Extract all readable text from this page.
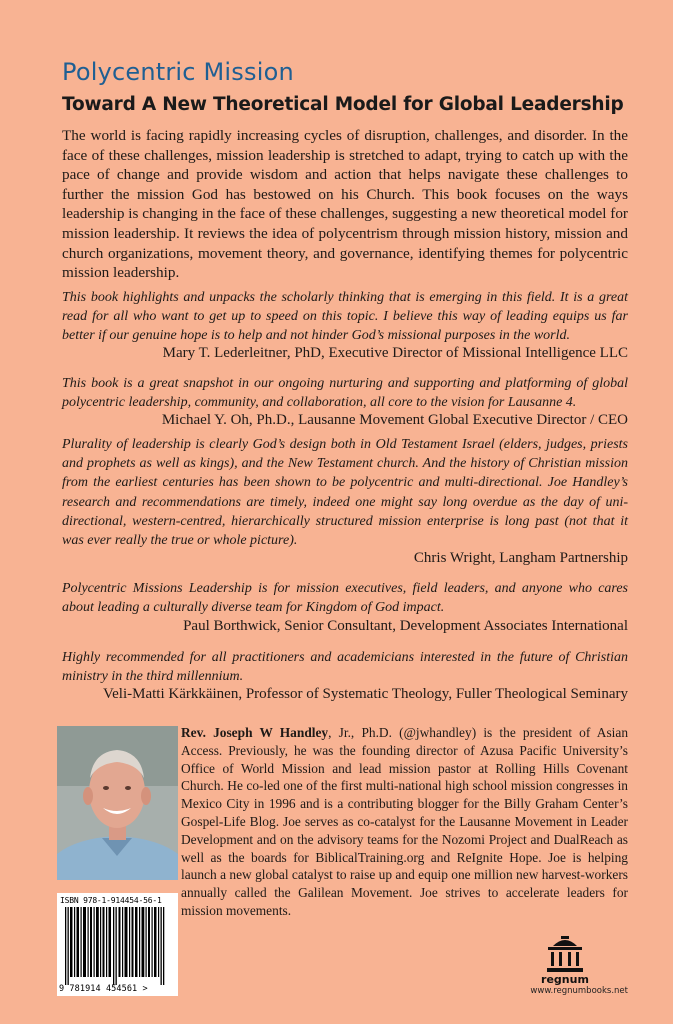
Polycentric Mission
Toward A New Theoretical Model for Global Leadership

The world is facing rapidly increasing cycles of disruption, challenges, and disorder. In the face of these challenges, mission leadership is stretched to adapt, trying to catch up with the pace of change and provide wisdom and action that helps navigate these challenges to further the mission God has bestowed on his Church. This book focuses on the ways leadership is changing in the face of these challenges, suggesting a new theoretical model for mission leadership. It reviews the idea of polycentrism through mission history, mission and church organizations, movement theory, and governance, identifying themes for polycentric mission leadership.

This book highlights and unpacks the scholarly thinking that is emerging in this field. It is a great read for all who want to get up to speed on this topic. I believe this way of leading equips us far better if our genuine hope is to help and not hinder God’s missional purposes in the world.

Mary T. Lederleitner, PhD, Executive Director of Missional Intelligence LLC

This book is a great snapshot in our ongoing nurturing and supporting and platforming of global polycentric leadership, community, and collaboration, all core to the vision for Lausanne 4.

Michael Y. Oh, Ph.D., Lausanne Movement Global Executive Director / CEO

Plurality of leadership is clearly God’s design both in Old Testament Israel (elders, judges, priests and prophets as well as kings), and the New Testament church. And the history of Christian mission from the earliest centuries has been shown to be polycentric and multi-directional. Joe Handley’s research and recommendations are timely, indeed one might say long overdue as the day of uni-directional, western-centred, hierarchically structured mission enterprise is long past (not that it was ever really the true or whole picture).

Chris Wright, Langham Partnership

Polycentric Missions Leadership is for mission executives, field leaders, and anyone who cares about leading a culturally diverse team for Kingdom of God impact.

Paul Borthwick, Senior Consultant, Development Associates International

Highly recommended for all practitioners and academicians interested in the future of Christian ministry in the third millennium.

Veli-Matti Kärkkäinen, Professor of Systematic Theology, Fuller Theological Seminary

Rev. Joseph W Handley, Jr., Ph.D. (@jwhandley) is the president of Asian Access. Previously, he was the founding director of Azusa Pacific University’s Office of World Mission and lead mission pastor at Rolling Hills Covenant Church. He co-led one of the first multi-national high school mission congresses in Mexico City in 1996 and is a contributing blogger for the Billy Graham Center’s Gospel-Life Blog. Joe serves as co-catalyst for the Lausanne Movement in Leader Development and on the advisory teams for the Nozomi Project and DualReach as well as the boards for BiblicalTraining.org and ReIgnite Hope. Joe is helping launch a new global catalyst to raise up and equip one million new harvest-workers annually called the Galilean Movement. Joe strives to accelerate leaders for mission movements.

ISBN 978-1-914454-56-1
9 781914 454561 >
regnum
www.regnumbooks.net
